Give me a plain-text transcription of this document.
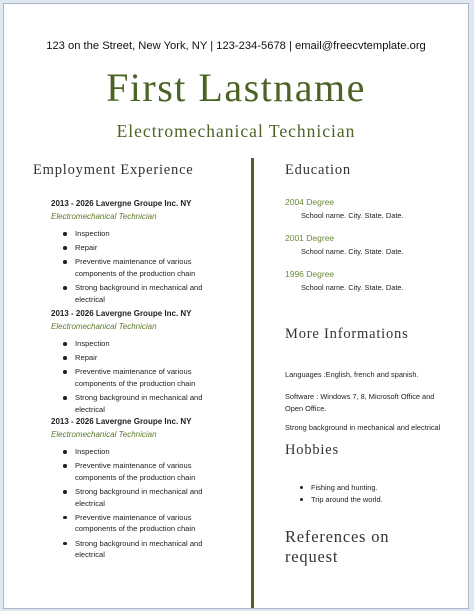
123 on the Street, New York, NY | 123-234-5678 | email@freecvtemplate.org
First Lastname
Electromechanical Technician
Employment Experience
2013 - 2026 Lavergne Groupe Inc. NY
Electromechanical Technician
Inspection
Repair
Preventive maintenance of various components of the production chain
Strong background in mechanical and electrical
2013 - 2026 Lavergne Groupe Inc. NY
Electromechanical Technician
Inspection
Repair
Preventive maintenance of various components of the production chain
Strong background in mechanical and electrical
2013 - 2026 Lavergne Groupe Inc. NY
Electromechanical Technician
Inspection
Preventive maintenance of various components of the production chain
Strong background in mechanical and electrical
Preventive maintenance of various components of the production chain
Strong background in mechanical and electrical
Education
2004 Degree
School name. City. State. Date.
2001 Degree
School name. City. State. Date.
1996 Degree
School name. City. State. Date.
More Informations
Languages :English, french and spanish.
Software : Windows 7, 8, Microsoft Office and Open Office.
Strong background in mechanical and electrical
Hobbies
Fishing and hunting.
Trip around the world.
References on
request
